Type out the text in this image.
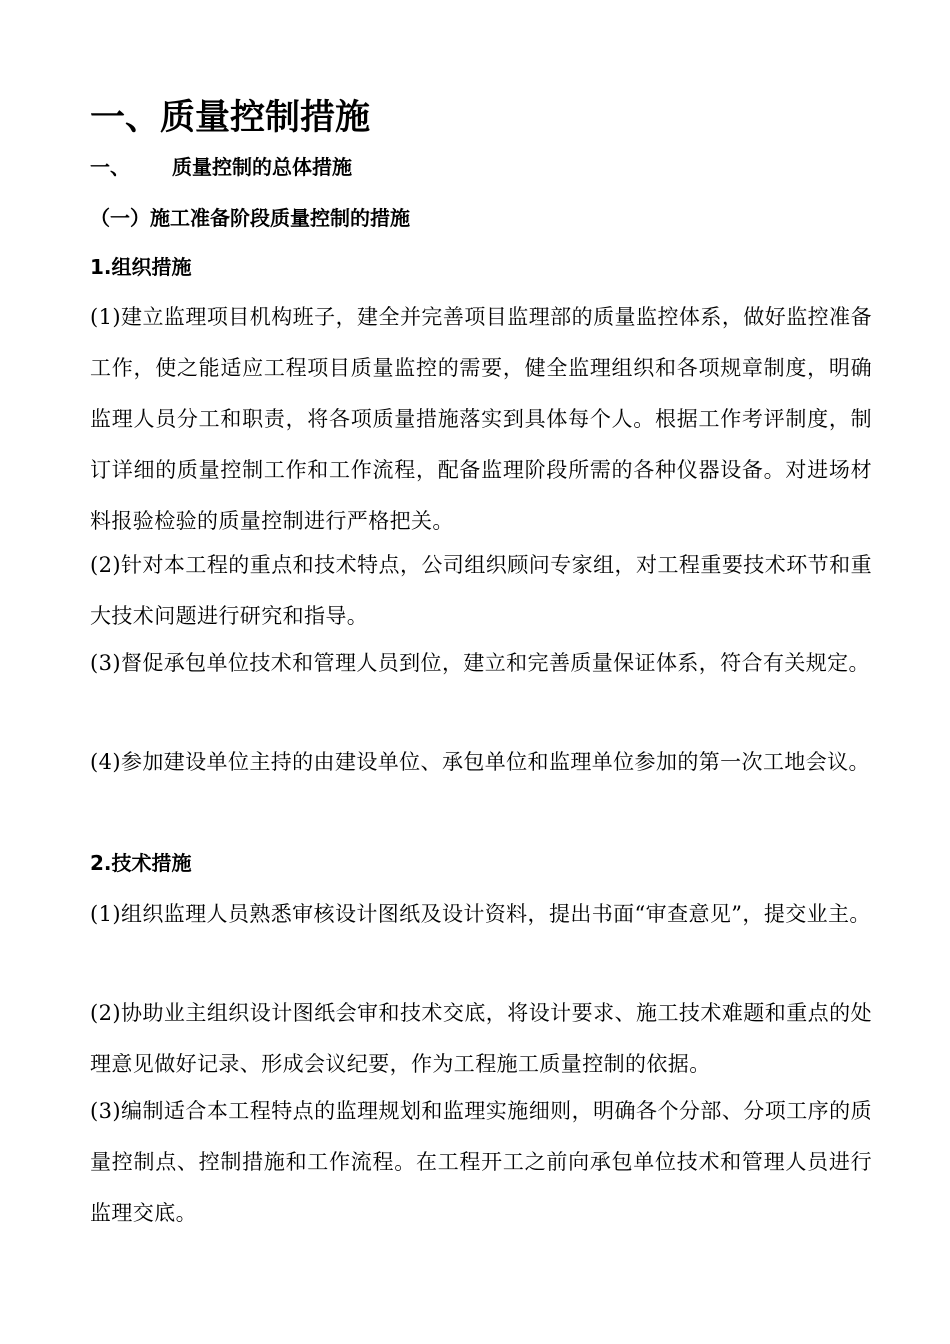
一、质量控制措施
一、 质量控制的总体措施
（一）施工准备阶段质量控制的措施
1.组织措施

(1)建立监理项目机构班子，建全并完善项目监理部的质量监控体系，做好监控准备工作，使之能适应工程项目质量监控的需要，健全监理组织和各项规章制度，明确监理人员分工和职责，将各项质量措施落实到具体每个人。根据工作考评制度，制订详细的质量控制工作和工作流程，配备监理阶段所需的各种仪器设备。对进场材料报验检验的质量控制进行严格把关。

(2)针对本工程的重点和技术特点，公司组织顾问专家组，对工程重要技术环节和重大技术问题进行研究和指导。

(3)督促承包单位技术和管理人员到位，建立和完善质量保证体系，符合有关规定。

(4)参加建设单位主持的由建设单位、承包单位和监理单位参加的第一次工地会议。

2.技术措施

(1)组织监理人员熟悉审核设计图纸及设计资料，提出书面“审查意见”，提交业主。

(2)协助业主组织设计图纸会审和技术交底，将设计要求、施工技术难题和重点的处理意见做好记录、形成会议纪要，作为工程施工质量控制的依据。

(3)编制适合本工程特点的监理规划和监理实施细则，明确各个分部、分项工序的质量控制点、控制措施和工作流程。在工程开工之前向承包单位技术和管理人员进行监理交底。
